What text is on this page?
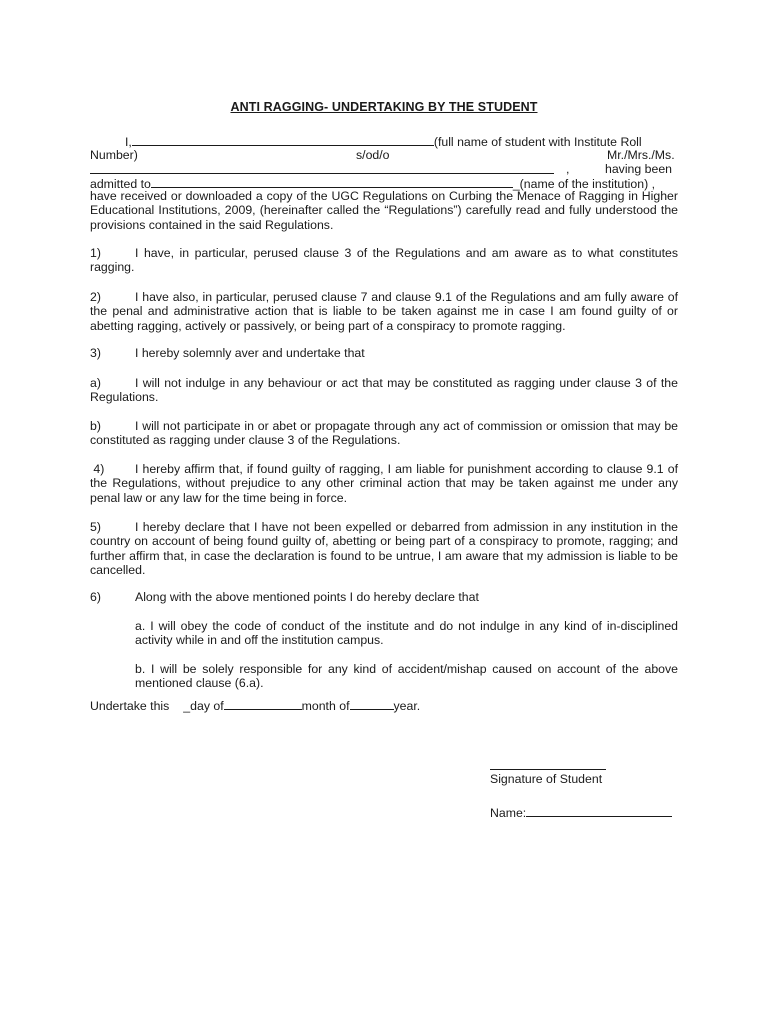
ANTI RAGGING- UNDERTAKING BY THE STUDENT
I,	(full name of student with Institute Roll
Number)	s/od/o	Mr./Mrs./Ms.
,	having been
admitted to	_(name of the institution) ,
have received or downloaded a copy of the UGC Regulations on Curbing the Menace of Ragging in Higher Educational Institutions, 2009, (hereinafter called the “Regulations”) carefully read and fully understood the provisions contained in the said Regulations.
1)	I have, in particular, perused clause 3 of the Regulations and am aware as to what constitutes ragging.
2)	I have also, in particular, perused clause 7 and clause 9.1 of the Regulations and am fully aware of the penal and administrative action that is liable to be taken against me in case I am found guilty of or abetting ragging, actively or passively, or being part of a conspiracy to promote ragging.
3)	I hereby solemnly aver and undertake that
a)	I will not indulge in any behaviour or act that may be constituted as ragging under clause 3 of the Regulations.
b)	I will not participate in or abet or propagate through any act of commission or omission that may be constituted as ragging under clause 3 of the Regulations.
4) I hereby affirm that, if found guilty of ragging, I am liable for punishment according to clause 9.1 of the Regulations, without prejudice to any other criminal action that may be taken against me under any penal law or any law for the time being in force.
5)	I hereby declare that I have not been expelled or debarred from admission in any institution in the country on account of being found guilty of, abetting or being part of a conspiracy to promote, ragging; and further affirm that, in case the declaration is found to be untrue, I am aware that my admission is liable to be cancelled.
6)	Along with the above mentioned points I do hereby declare that
a. I will obey the code of conduct of the institute and do not indulge in any kind of in-disciplined activity while in and off the institution campus.
b. I will be solely responsible for any kind of accident/mishap caused on account of the above mentioned clause (6.a).
Undertake this _day of	month of	year.
Signature of Student
Name:
